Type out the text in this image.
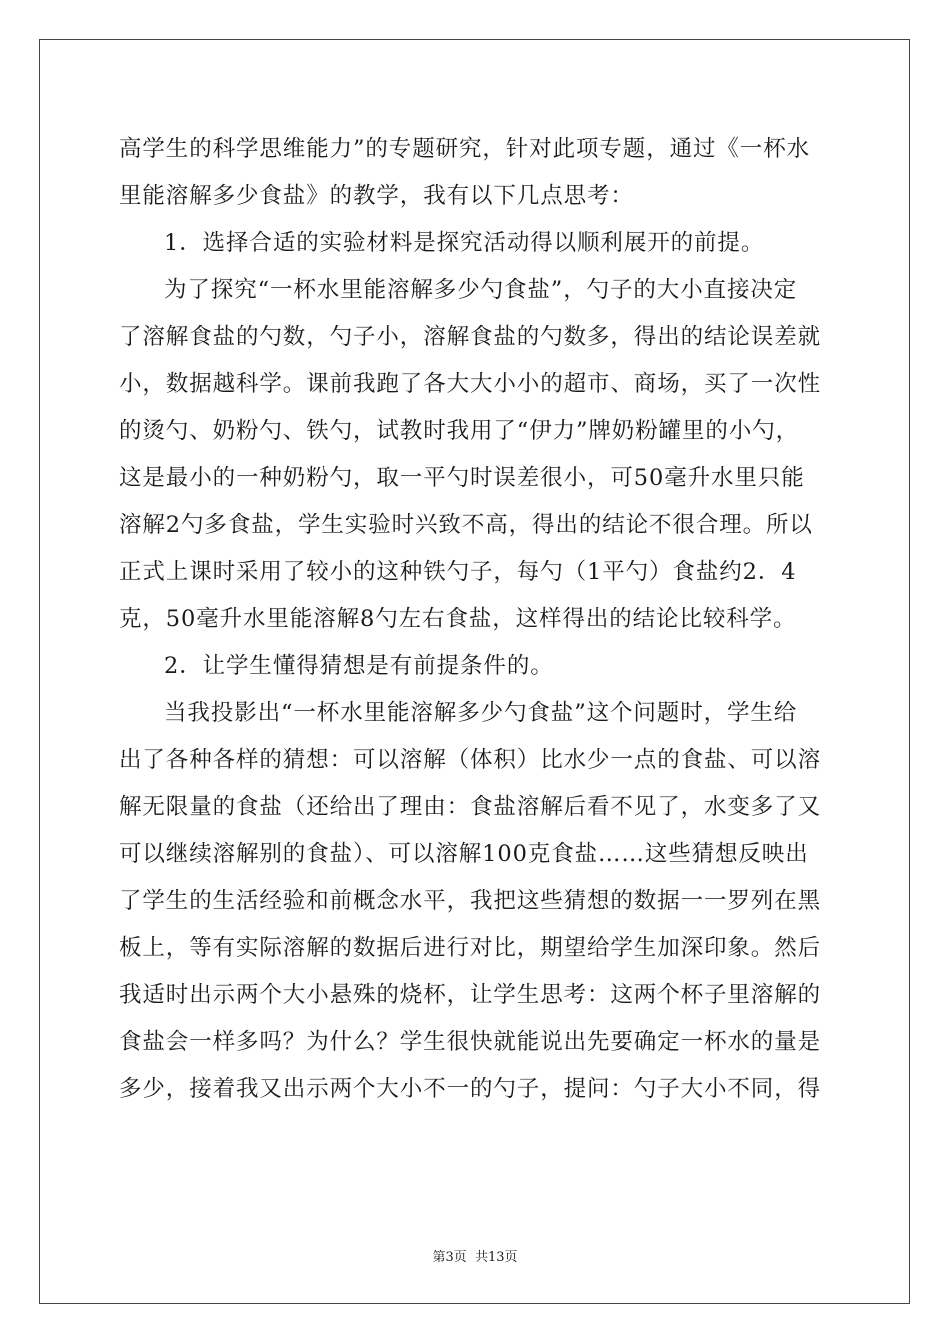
高学生的科学思维能力”的专题研究，针对此项专题，通过《一杯水
里能溶解多少食盐》的教学，我有以下几点思考：
1．选择合适的实验材料是探究活动得以顺利展开的前提。
为了探究“一杯水里能溶解多少勺食盐”，勺子的大小直接决定
了溶解食盐的勺数，勺子小，溶解食盐的勺数多，得出的结论误差就
小，数据越科学。课前我跑了各大大小小的超市、商场，买了一次性
的烫勺、奶粉勺、铁勺，试教时我用了“伊力”牌奶粉罐里的小勺，
这是最小的一种奶粉勺，取一平勺时误差很小，可50毫升水里只能
溶解2勺多食盐，学生实验时兴致不高，得出的结论不很合理。所以
正式上课时采用了较小的这种铁勺子，每勺（1平勺）食盐约2．4
克，50毫升水里能溶解8勺左右食盐，这样得出的结论比较科学。
2．让学生懂得猜想是有前提条件的。
当我投影出“一杯水里能溶解多少勺食盐”这个问题时，学生给
出了各种各样的猜想：可以溶解（体积）比水少一点的食盐、可以溶
解无限量的食盐（还给出了理由：食盐溶解后看不见了，水变多了又
可以继续溶解别的食盐）、可以溶解100克食盐……这些猜想反映出
了学生的生活经验和前概念水平，我把这些猜想的数据一一罗列在黑
板上，等有实际溶解的数据后进行对比，期望给学生加深印象。然后
我适时出示两个大小悬殊的烧杯，让学生思考：这两个杯子里溶解的
食盐会一样多吗？为什么？学生很快就能说出先要确定一杯水的量是
多少，接着我又出示两个大小不一的勺子，提问：勺子大小不同，得
第3页 共13页
